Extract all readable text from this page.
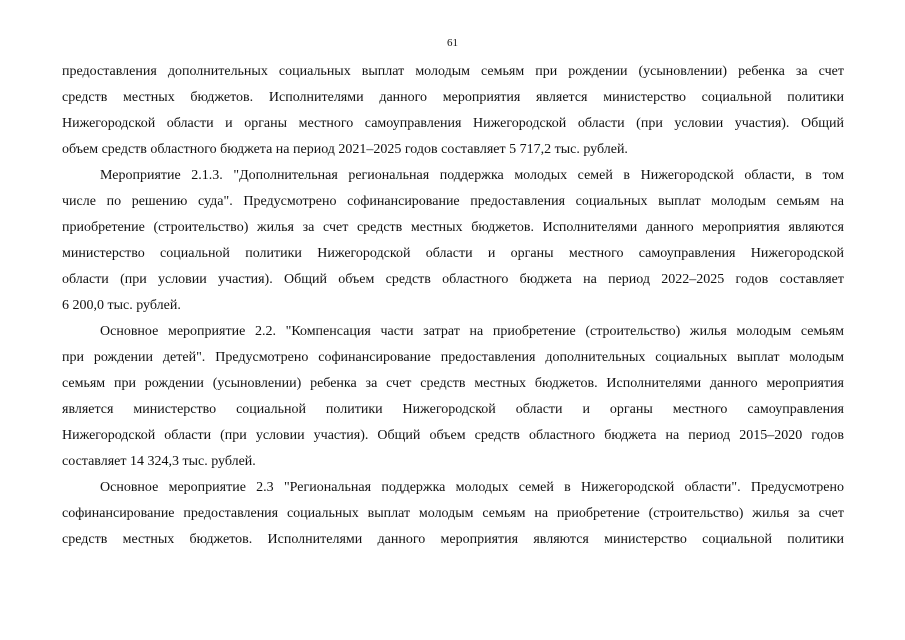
61

предоставления дополнительных социальных выплат молодым семьям при рождении (усыновлении) ребенка за счет
средств местных бюджетов. Исполнителями данного мероприятия является министерство социальной политики
Нижегородской области и органы местного самоуправления Нижегородской области (при условии участия). Общий
объем средств областного бюджета на период 2021–2025 годов составляет 5 717,2 тыс. рублей.

Мероприятие 2.1.3. "Дополнительная региональная поддержка молодых семей в Нижегородской области, в том
числе по решению суда". Предусмотрено софинансирование предоставления социальных выплат молодым семьям на
приобретение (строительство) жилья за счет средств местных бюджетов. Исполнителями данного мероприятия являются
министерство социальной политики Нижегородской области и органы местного самоуправления Нижегородской
области (при условии участия). Общий объем средств областного бюджета на период 2022–2025 годов составляет
6 200,0 тыс. рублей.

Основное мероприятие 2.2. "Компенсация части затрат на приобретение (строительство) жилья молодым семьям
при рождении детей". Предусмотрено софинансирование предоставления дополнительных социальных выплат молодым
семьям при рождении (усыновлении) ребенка за счет средств местных бюджетов. Исполнителями данного мероприятия
является министерство социальной политики Нижегородской области и органы местного самоуправления
Нижегородской области (при условии участия). Общий объем средств областного бюджета на период 2015–2020 годов
составляет 14 324,3 тыс. рублей.

Основное мероприятие 2.3 "Региональная поддержка молодых семей в Нижегородской области". Предусмотрено
софинансирование предоставления социальных выплат молодым семьям на приобретение (строительство) жилья за счет
средств местных бюджетов. Исполнителями данного мероприятия являются министерство социальной политики
